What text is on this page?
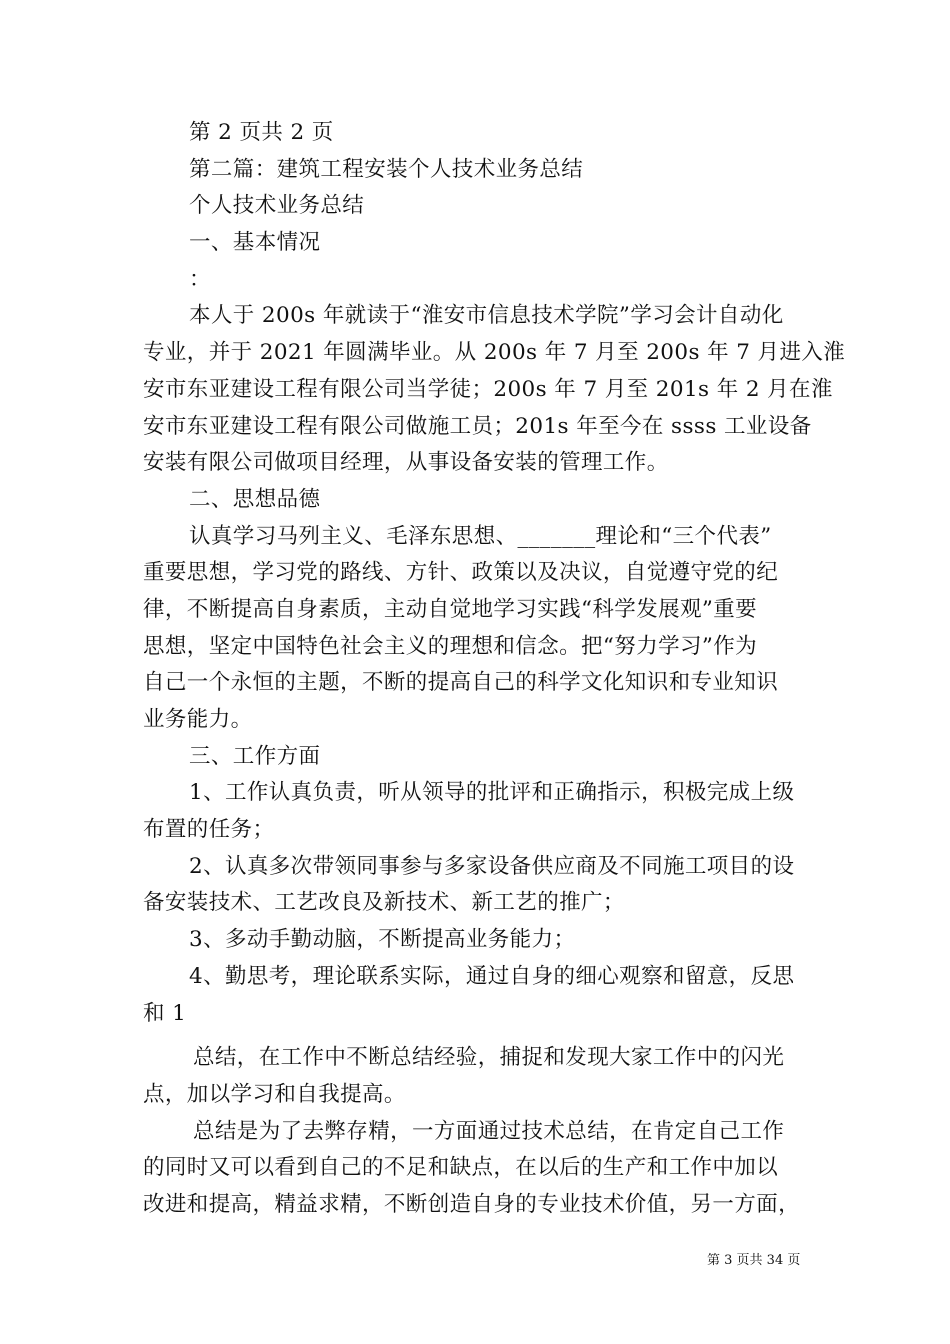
第 2 页共 2 页
第二篇：建筑工程安装个人技术业务总结
个人技术业务总结
一、基本情况
：
本人于 200s 年就读于“淮安市信息技术学院”学习会计自动化
专业，并于 2021 年圆满毕业。从 200s 年 7 月至 200s 年 7 月进入淮
安市东亚建设工程有限公司当学徒；200s 年 7 月至 201s 年 2 月在淮
安市东亚建设工程有限公司做施工员；201s 年至今在 ssss 工业设备
安装有限公司做项目经理，从事设备安装的管理工作。
二、思想品德
认真学习马列主义、毛泽东思想、_______理论和“三个代表”
重要思想，学习党的路线、方针、政策以及决议，自觉遵守党的纪
律，不断提高自身素质，主动自觉地学习实践“科学发展观”重要
思想，坚定中国特色社会主义的理想和信念。把“努力学习”作为
自己一个永恒的主题，不断的提高自己的科学文化知识和专业知识
业务能力。
三、工作方面
1、工作认真负责，听从领导的批评和正确指示，积极完成上级
布置的任务；
2、认真多次带领同事参与多家设备供应商及不同施工项目的设
备安装技术、工艺改良及新技术、新工艺的推广；
3、多动手勤动脑，不断提高业务能力；
4、勤思考，理论联系实际，通过自身的细心观察和留意，反思
和 1
总结，在工作中不断总结经验，捕捉和发现大家工作中的闪光
点，加以学习和自我提高。
总结是为了去弊存精，一方面通过技术总结，在肯定自己工作
的同时又可以看到自己的不足和缺点，在以后的生产和工作中加以
改进和提高，精益求精，不断创造自身的专业技术价值，另一方面，
第 3 页共 34 页
